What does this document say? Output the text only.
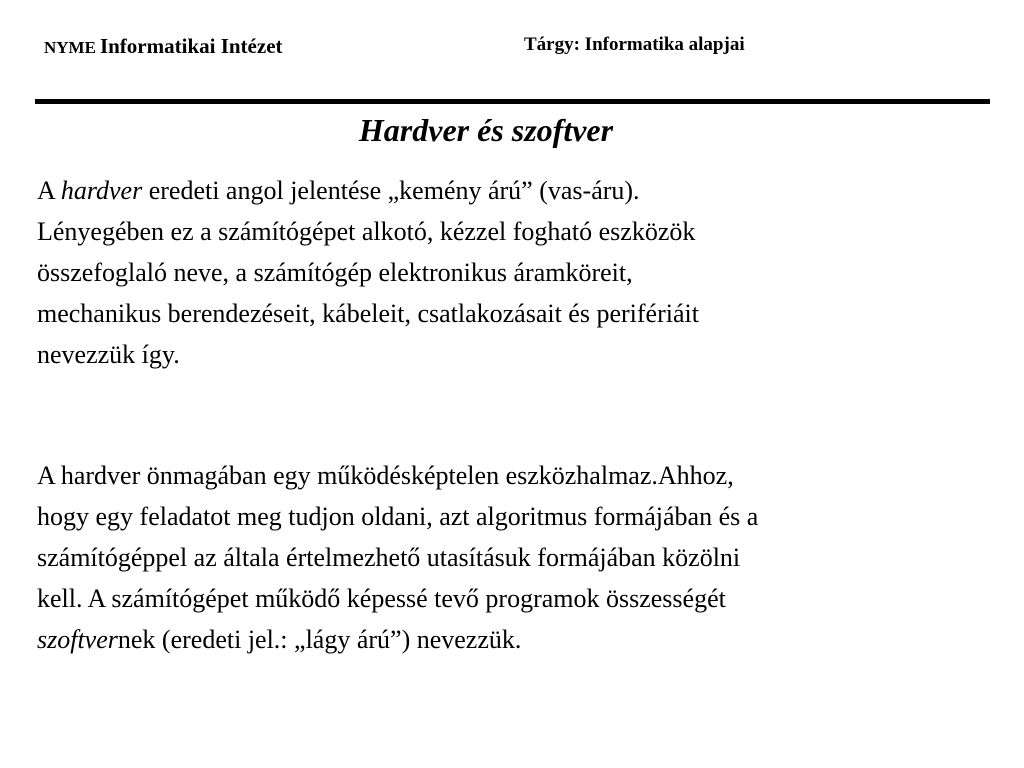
NYME Informatikai Intézet	Tárgy: Informatika alapjai
Hardver és szoftver

A hardver eredeti angol jelentése „kemény árú” (vas-áru).
Lényegében ez a számítógépet alkotó, kézzel fogható eszközök
összefoglaló neve, a számítógép elektronikus áramköreit,
mechanikus berendezéseit, kábeleit, csatlakozásait és perifériáit
nevezzük így.

A hardver önmagában egy működésképtelen eszközhalmaz.Ahhoz,
hogy egy feladatot meg tudjon oldani, azt algoritmus formájában és a
számítógéppel az általa értelmezhető utasításuk formájában közölni
kell. A számítógépet működő képessé tevő programok összességét
szoftvernek (eredeti jel.: „lágy árú”) nevezzük.
